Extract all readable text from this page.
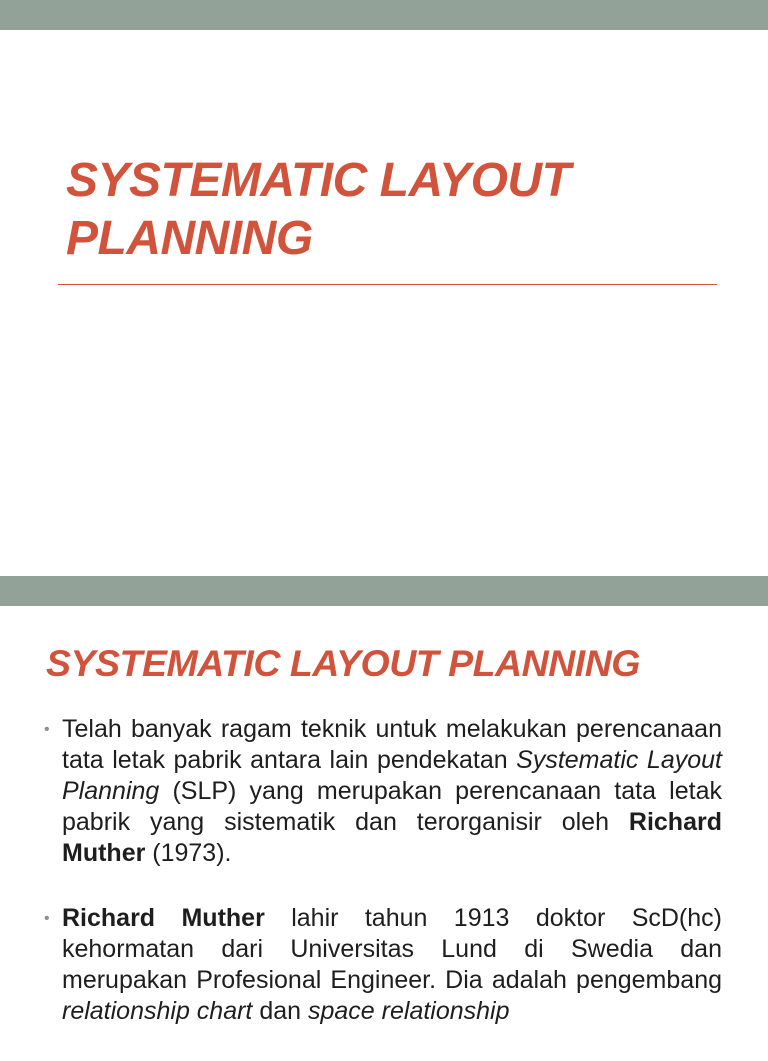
SYSTEMATIC LAYOUT
PLANNING
SYSTEMATIC LAYOUT PLANNING
• Telah banyak ragam teknik untuk melakukan perencanaan tata letak pabrik antara lain pendekatan Systematic Layout Planning (SLP) yang merupakan perencanaan tata letak pabrik yang sistematik dan terorganisir oleh Richard Muther (1973).
• Richard Muther lahir tahun 1913 doktor ScD(hc) kehormatan dari Universitas Lund di Swedia dan merupakan Profesional Engineer. Dia adalah pengembang relationship chart dan space relationship
